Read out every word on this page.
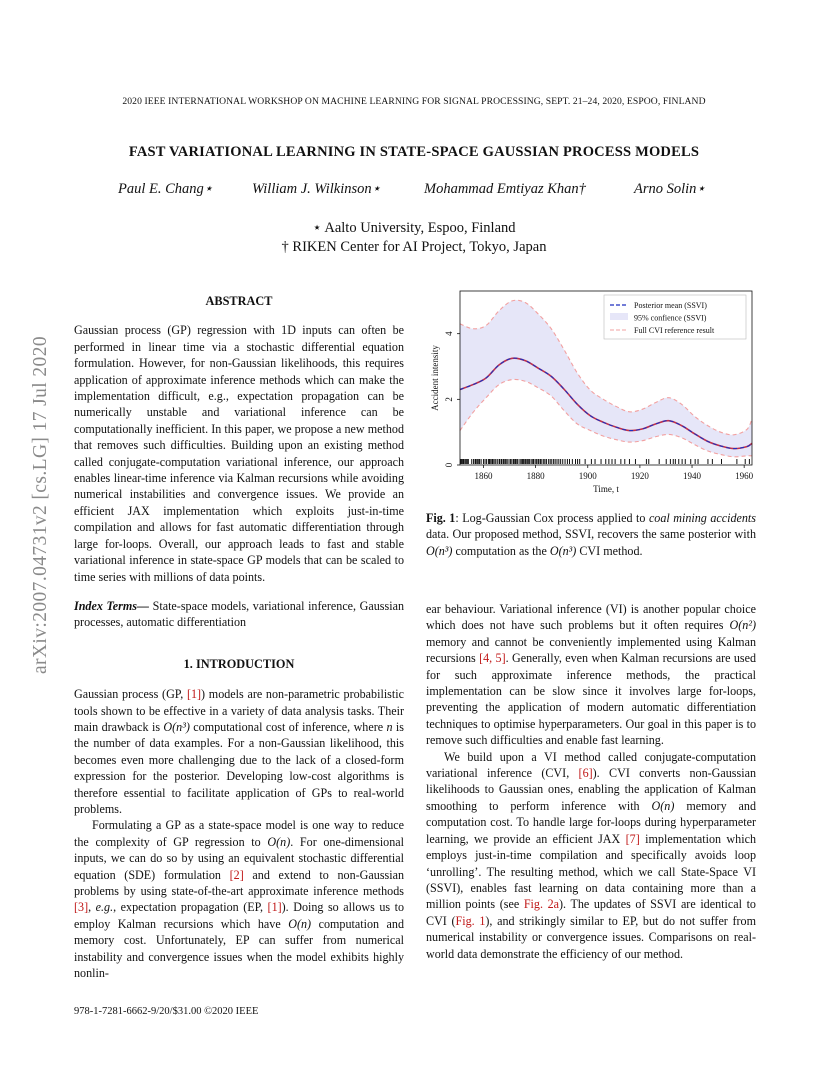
2020 IEEE INTERNATIONAL WORKSHOP ON MACHINE LEARNING FOR SIGNAL PROCESSING, SEPT. 21–24, 2020, ESPOO, FINLAND
FAST VARIATIONAL LEARNING IN STATE-SPACE GAUSSIAN PROCESS MODELS
Paul E. Chang⋆	William J. Wilkinson⋆	Mohammad Emtiyaz Khan†	Arno Solin⋆
⋆ Aalto University, Espoo, Finland
† RIKEN Center for AI Project, Tokyo, Japan
arXiv:2007.04731v2 [cs.LG] 17 Jul 2020
ABSTRACT

Gaussian process (GP) regression with 1D inputs can often be performed in linear time via a stochastic differential equation formulation. However, for non-Gaussian likelihoods, this requires application of approximate inference methods which can make the implementation difficult, e.g., expectation propagation can be numerically unstable and variational inference can be computationally inefficient. In this paper, we propose a new method that removes such difficulties. Building upon an existing method called conjugate-computation variational inference, our approach enables linear-time inference via Kalman recursions while avoiding numerical instabilities and convergence issues. We provide an efficient JAX implementation which exploits just-in-time compilation and allows for fast automatic differentiation through large for-loops. Overall, our approach leads to fast and stable variational inference in state-space GP models that can be scaled to time series with millions of data points.

Index Terms— State-space models, variational inference, Gaussian processes, automatic differentiation

1. INTRODUCTION

Gaussian process (GP, [1]) models are non-parametric probabilistic tools shown to be effective in a variety of data analysis tasks. Their main drawback is O(n³) computational cost of inference, where n is the number of data examples. For a non-Gaussian likelihood, this becomes even more challenging due to the lack of a closed-form expression for the posterior. Developing low-cost algorithms is therefore essential to facilitate application of GPs to real-world problems.

Formulating a GP as a state-space model is one way to reduce the complexity of GP regression to O(n). For one-dimensional inputs, we can do so by using an equivalent stochastic differential equation (SDE) formulation [2] and extend to non-Gaussian problems by using state-of-the-art approximate inference methods [3], e.g., expectation propagation (EP, [1]). Doing so allows us to employ Kalman recursions which have O(n) computation and memory cost. Unfortunately, EP can suffer from numerical instability and convergence issues when the model exhibits highly nonlin-

1860	1880	1900	1920	1940	1960
0
2
4
Time, t
Accident intensity
Posterior mean (SSVI)
95% confience (SSVI)
Full CVI reference result
Fig. 1: Log-Gaussian Cox process applied to coal mining accidents data. Our proposed method, SSVI, recovers the same posterior with O(n³) computation as the O(n³) CVI method.

ear behaviour. Variational inference (VI) is another popular choice which does not have such problems but it often requires O(n²) memory and cannot be conveniently implemented using Kalman recursions [4, 5]. Generally, even when Kalman recursions are used for such approximate inference methods, the practical implementation can be slow since it involves large for-loops, preventing the application of modern automatic differentiation techniques to optimise hyperparameters. Our goal in this paper is to remove such difficulties and enable fast learning.

We build upon a VI method called conjugate-computation variational inference (CVI, [6]). CVI converts non-Gaussian likelihoods to Gaussian ones, enabling the application of Kalman smoothing to perform inference with O(n) memory and computation cost. To handle large for-loops during hyperparameter learning, we provide an efficient JAX [7] implementation which employs just-in-time compilation and specifically avoids loop ‘unrolling’. The resulting method, which we call State-Space VI (SSVI), enables fast learning on data containing more than a million points (see Fig. 2a). The updates of SSVI are identical to CVI (Fig. 1), and strikingly similar to EP, but do not suffer from numerical instability or convergence issues. Comparisons on real-world data demonstrate the efficiency of our method.

978-1-7281-6662-9/20/$31.00 ©2020 IEEE
